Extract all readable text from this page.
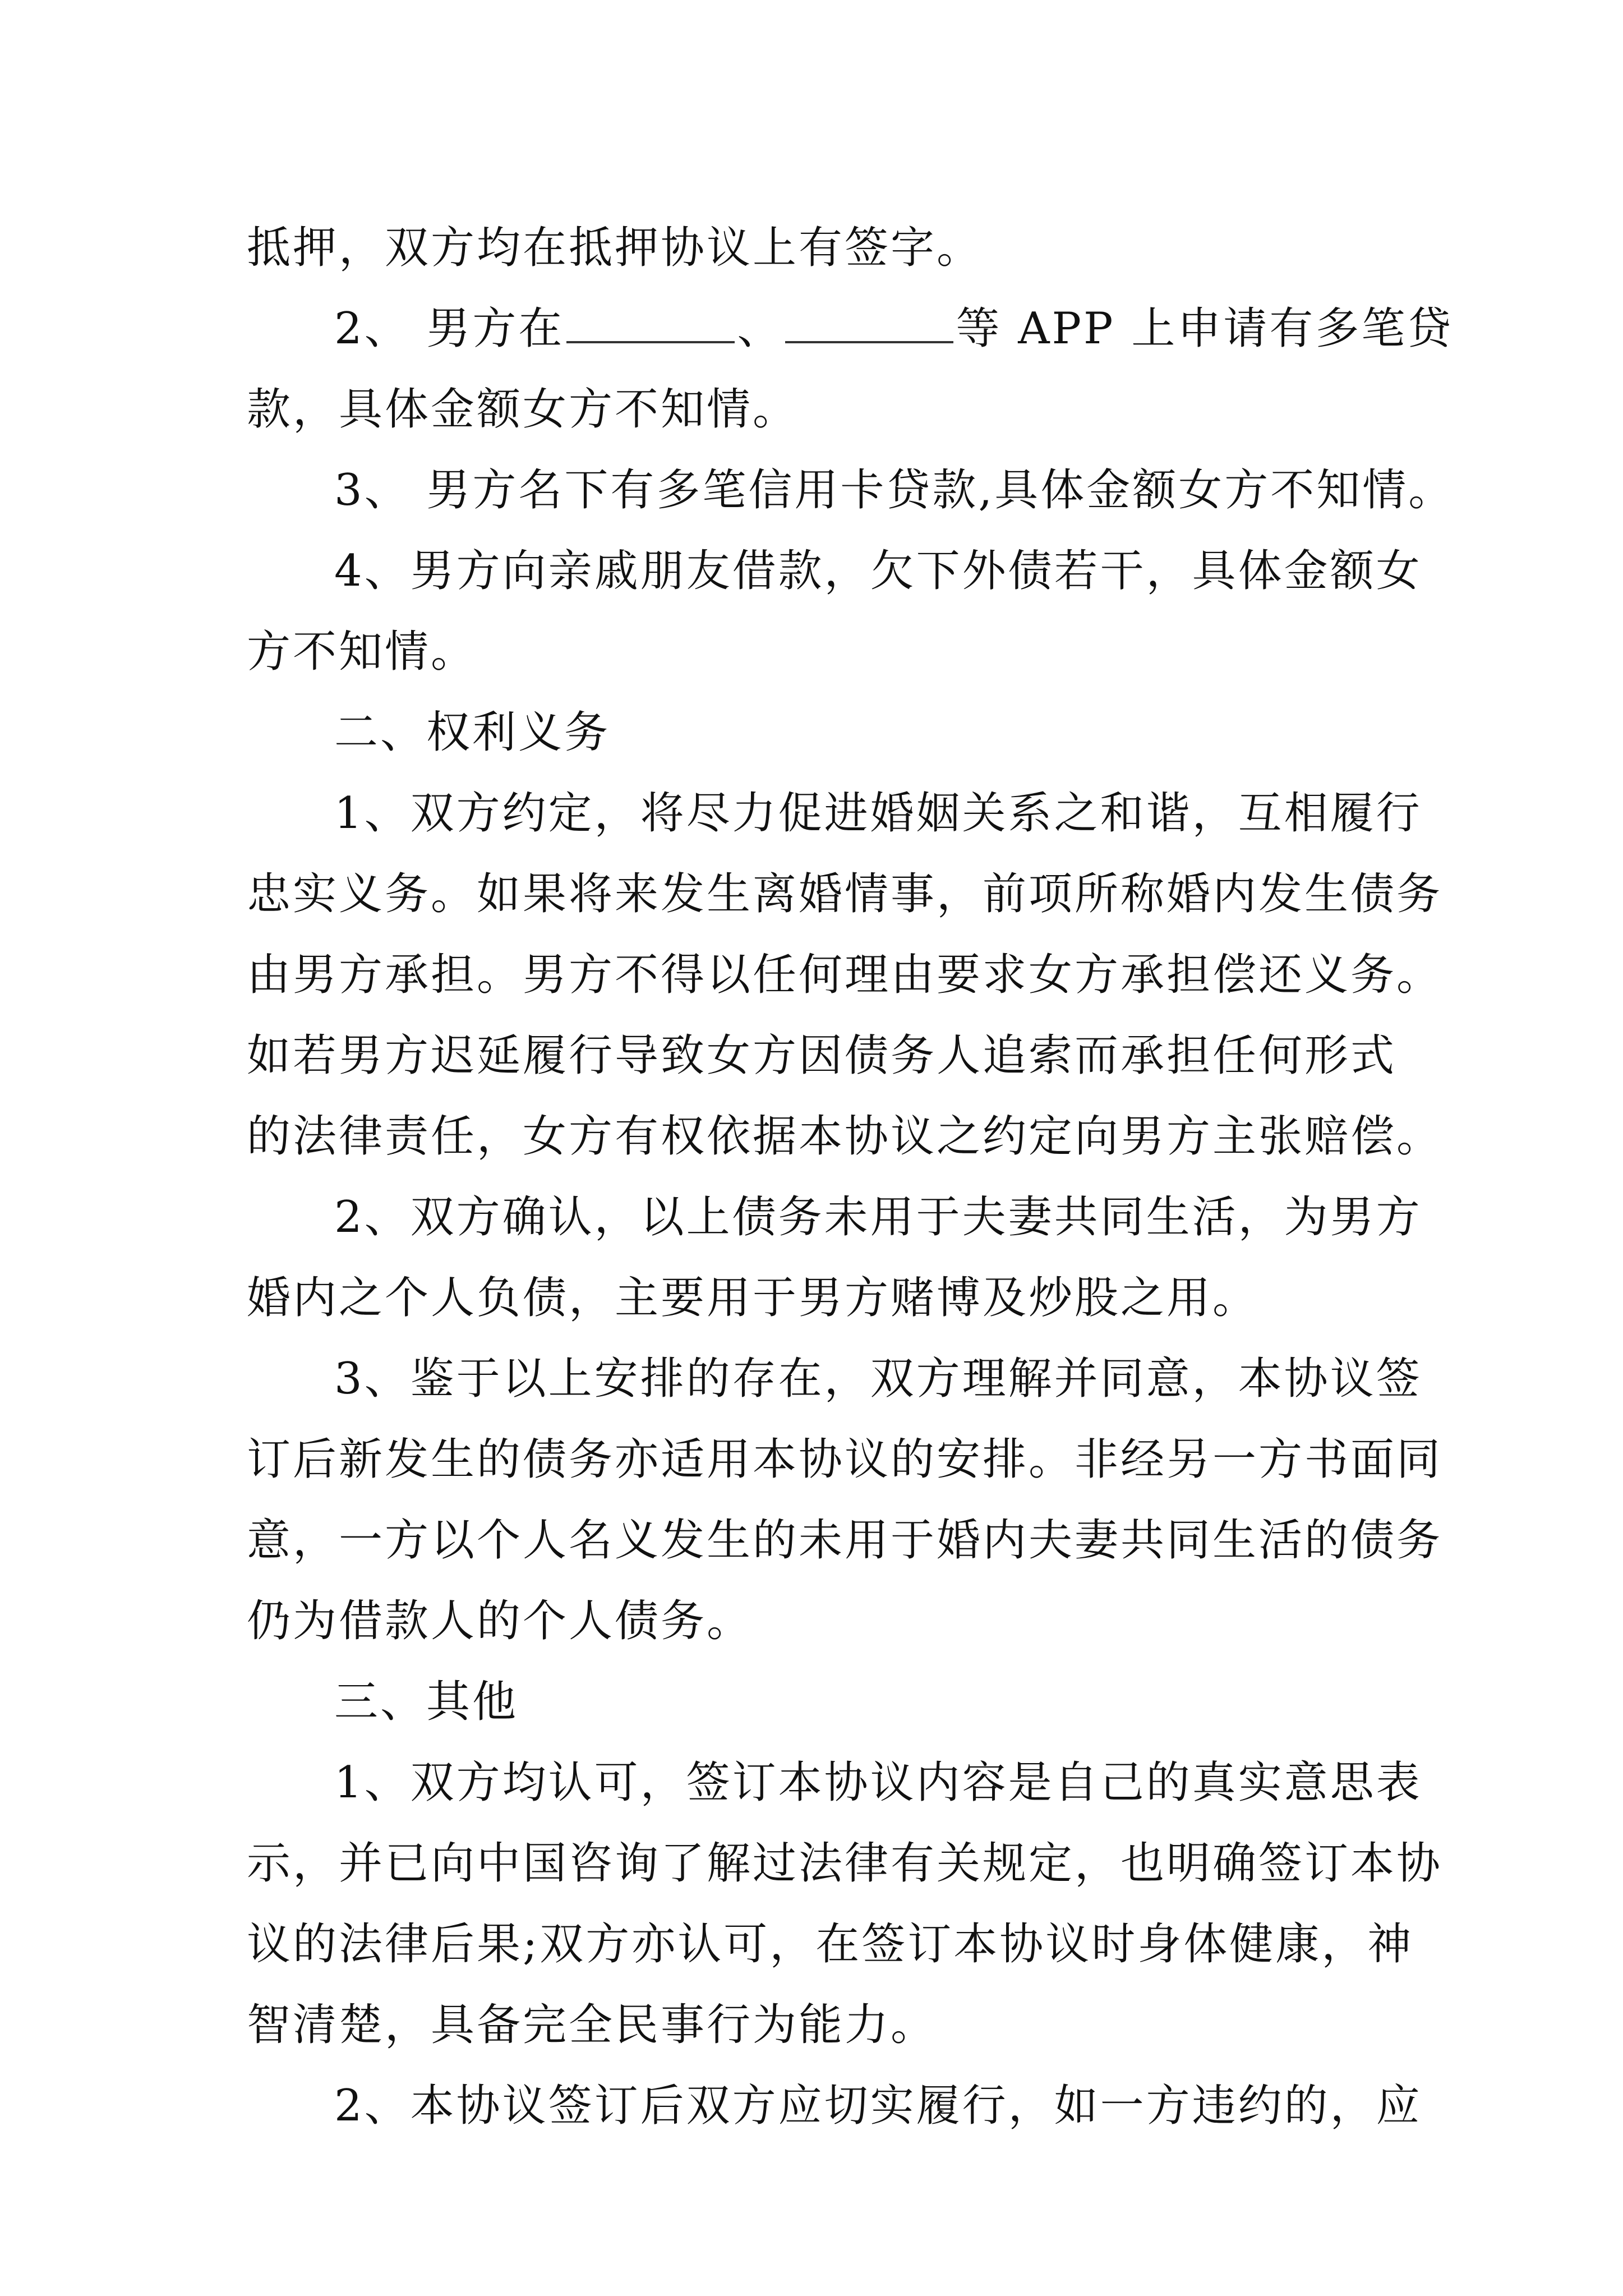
抵押，双方均在抵押协议上有签字。
2、 男方在	、	等 APP 上申请有多笔贷
款，具体金额女方不知情。
3、 男方名下有多笔信用卡贷款,具体金额女方不知情。
4、男方向亲戚朋友借款，欠下外债若干，具体金额女
方不知情。
二、权利义务
1、双方约定，将尽力促进婚姻关系之和谐，互相履行
忠实义务。如果将来发生离婚情事，前项所称婚内发生债务
由男方承担。男方不得以任何理由要求女方承担偿还义务。
如若男方迟延履行导致女方因债务人追索而承担任何形式
的法律责任，女方有权依据本协议之约定向男方主张赔偿。
2、双方确认，以上债务未用于夫妻共同生活，为男方
婚内之个人负债，主要用于男方赌博及炒股之用。
3、鉴于以上安排的存在，双方理解并同意，本协议签
订后新发生的债务亦适用本协议的安排。非经另一方书面同
意，一方以个人名义发生的未用于婚内夫妻共同生活的债务
仍为借款人的个人债务。
三、其他
1、双方均认可，签订本协议内容是自己的真实意思表
示，并已向中国咨询了解过法律有关规定，也明确签订本协
议的法律后果;双方亦认可，在签订本协议时身体健康，神
智清楚，具备完全民事行为能力。
2、本协议签订后双方应切实履行，如一方违约的，应
